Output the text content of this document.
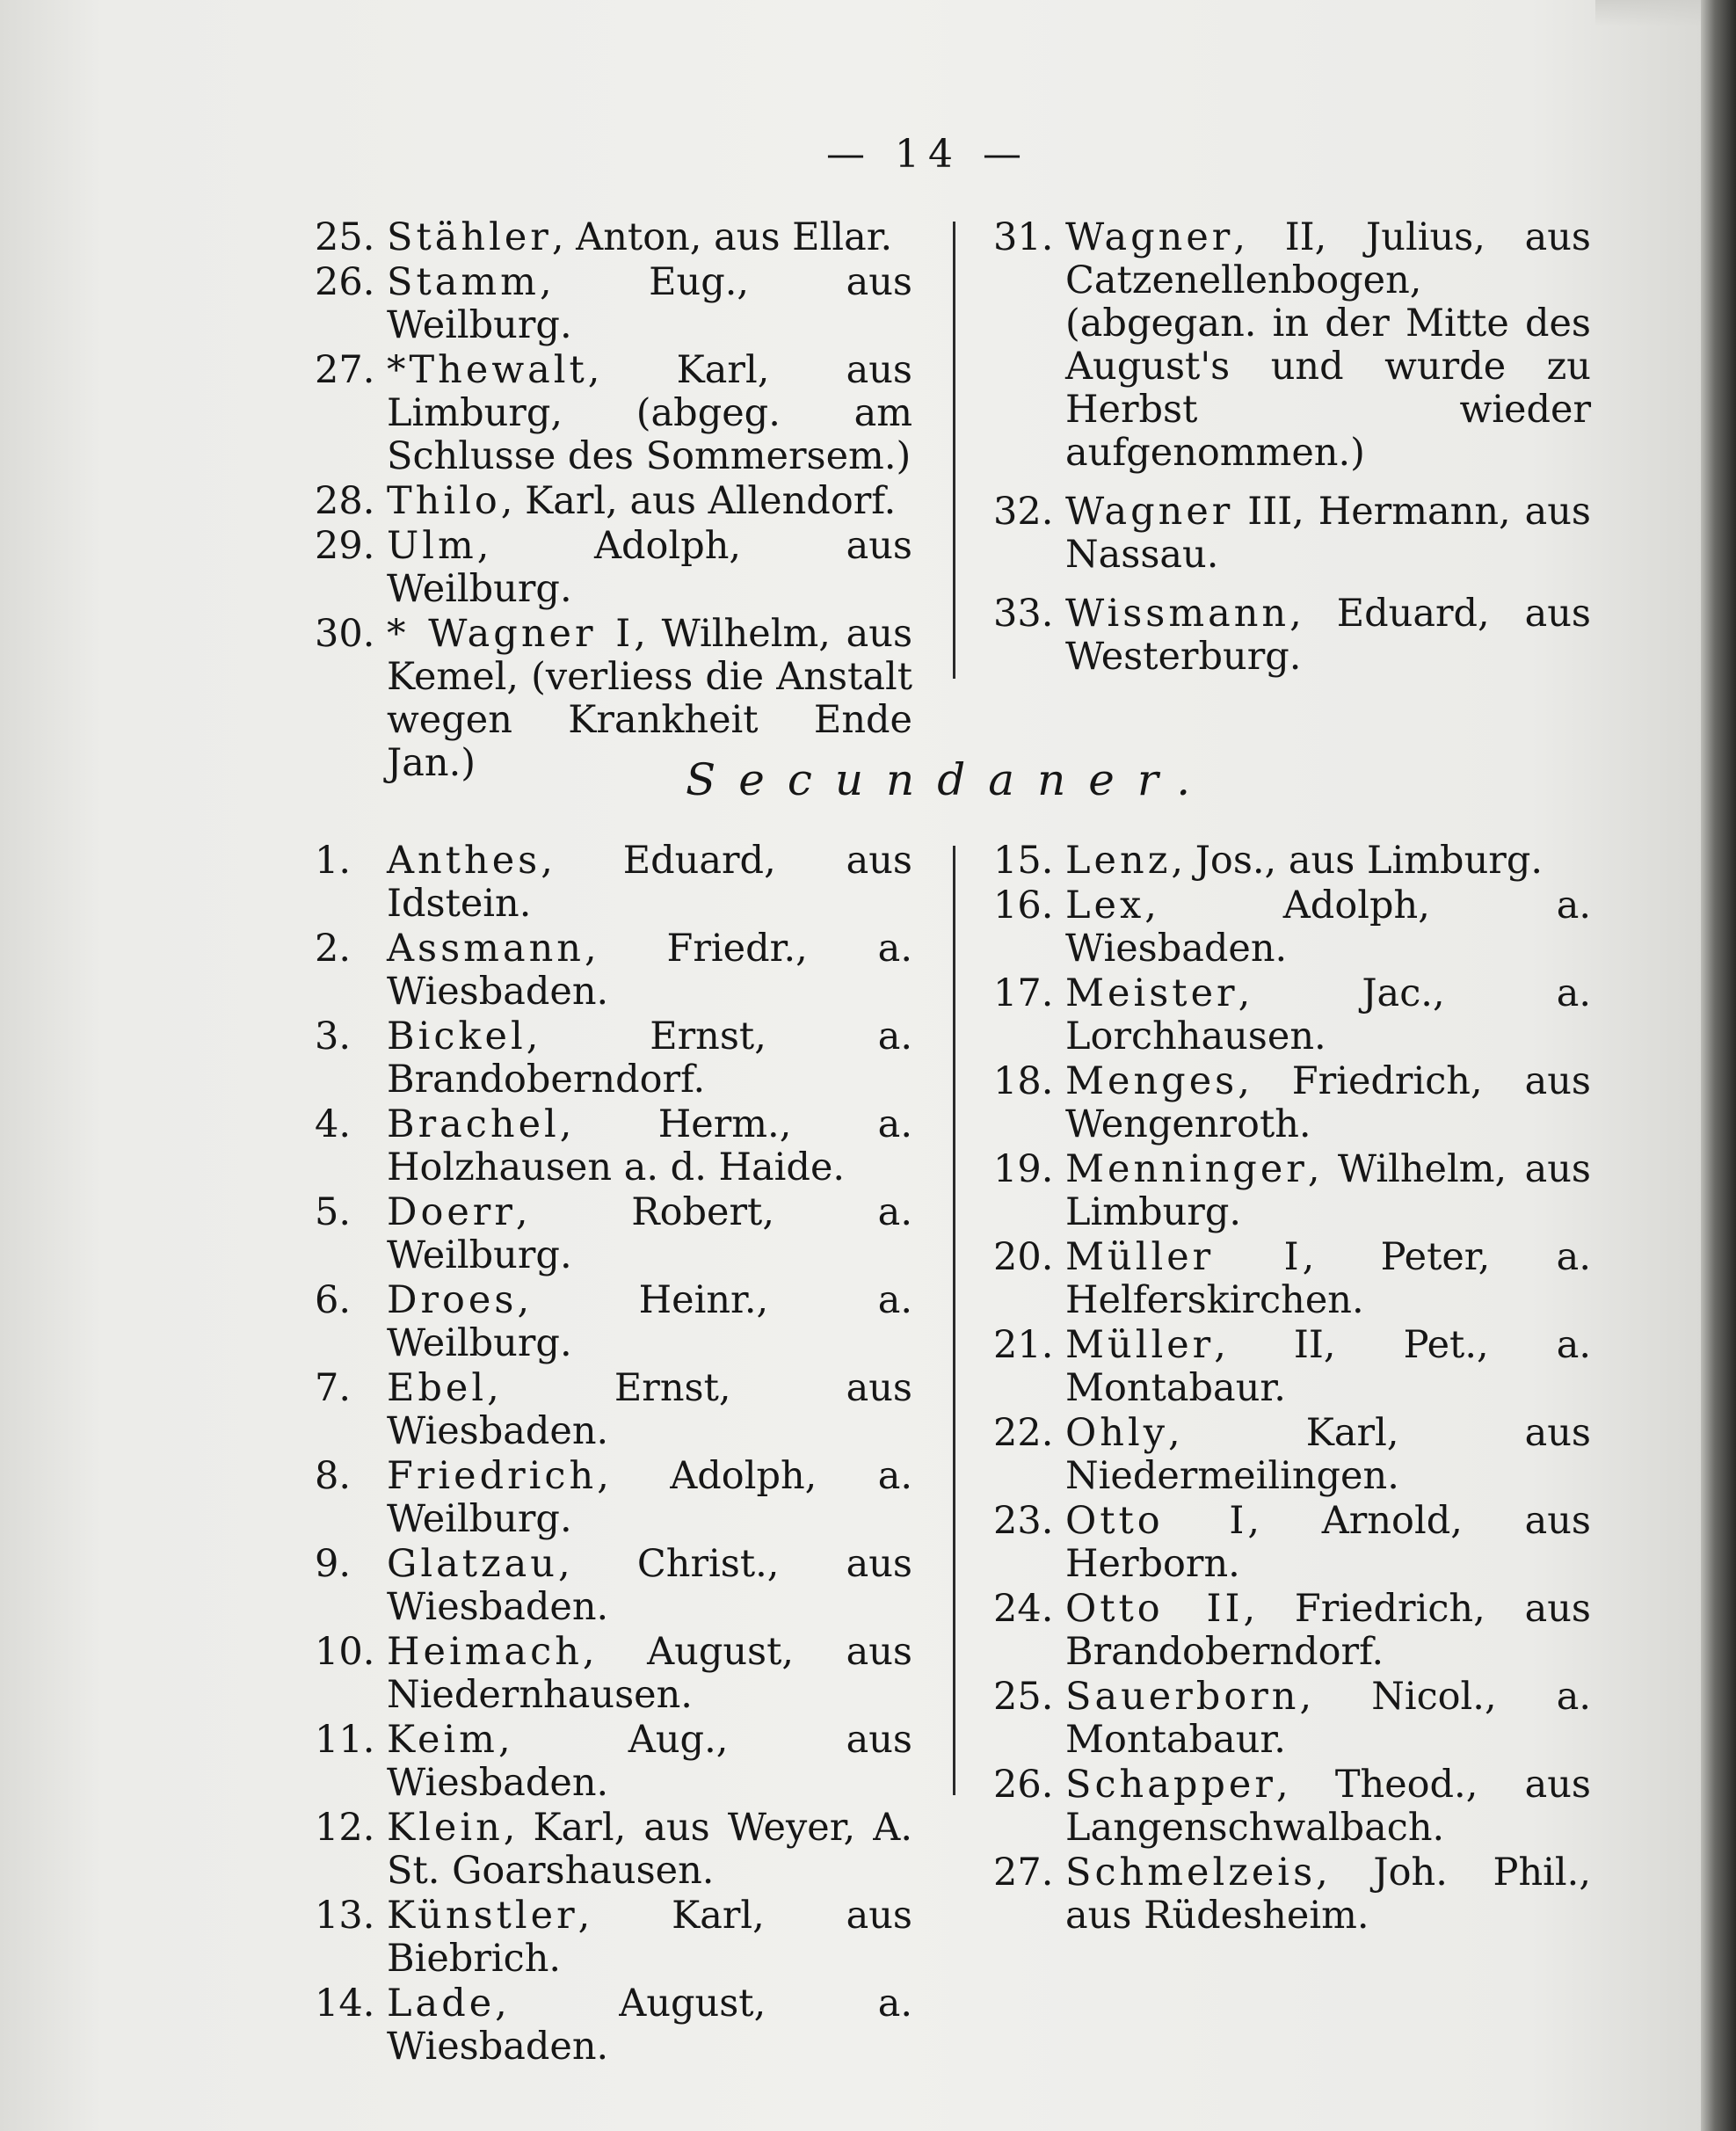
— 14 —
25. Stähler, Anton, aus Ellar.
26. Stamm, Eug., aus Weilburg.
27. *Thewalt, Karl, aus Limburg, (abgeg. am Schlusse des Sommersem.)
28. Thilo, Karl, aus Allendorf.
29. Ulm, Adolph, aus Weilburg.
30. * Wagner I, Wilhelm, aus Kemel, (verliess die Anstalt wegen Krankheit Ende Jan.)
31. Wagner, II, Julius, aus Catzenellenbogen, (abgegan. in der Mitte des August's und wurde zu Herbst wieder aufgenommen.)
32. Wagner III, Hermann, aus Nassau.
33. Wissmann, Eduard, aus Westerburg.
Secundaner.
1. Anthes, Eduard, aus Idstein.
2. Assmann, Friedr., a. Wiesbaden.
3. Bickel, Ernst, a. Brandoberndorf.
4. Brachel, Herm., a. Holzhausen a. d. Haide.
5. Doerr, Robert, a. Weilburg.
6. Droes, Heinr., a. Weilburg.
7. Ebel, Ernst, aus Wiesbaden.
8. Friedrich, Adolph, a. Weilburg.
9. Glatzau, Christ., aus Wiesbaden.
10. Heimach, August, aus Niedernhausen.
11. Keim, Aug., aus Wiesbaden.
12. Klein, Karl, aus Weyer, A. St. Goarshausen.
13. Künstler, Karl, aus Biebrich.
14. Lade, August, a. Wiesbaden.
15. Lenz, Jos., aus Limburg.
16. Lex, Adolph, a. Wiesbaden.
17. Meister, Jac., a. Lorchhausen.
18. Menges, Friedrich, aus Wengenroth.
19. Menninger, Wilhelm, aus Limburg.
20. Müller I, Peter, a. Helferskirchen.
21. Müller, II, Pet., a. Montabaur.
22. Ohly, Karl, aus Niedermeilingen.
23. Otto I, Arnold, aus Herborn.
24. Otto II, Friedrich, aus Brandoberndorf.
25. Sauerborn, Nicol., a. Montabaur.
26. Schapper, Theod., aus Langenschwalbach.
27. Schmelzeis, Joh. Phil., aus Rüdesheim.
